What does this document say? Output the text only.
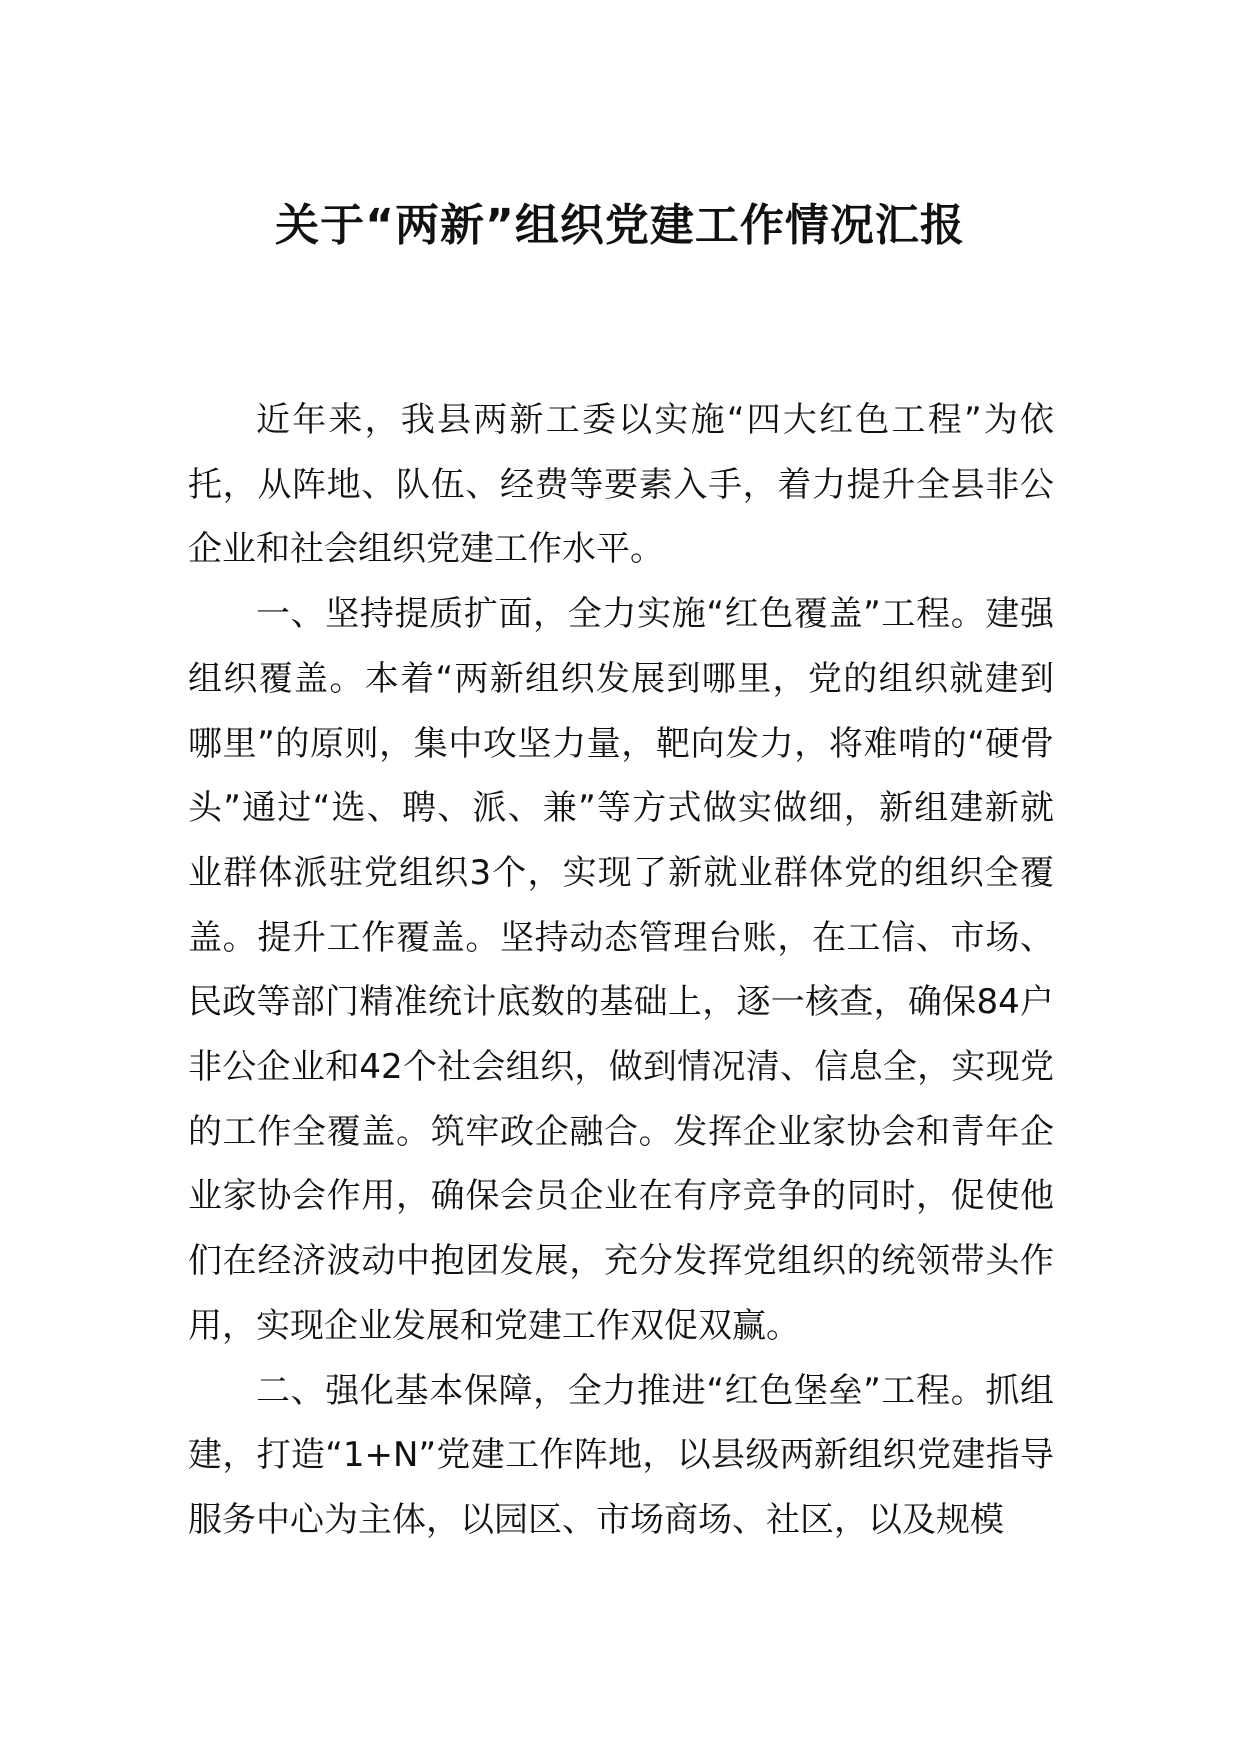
关于“两新”组织党建工作情况汇报

近年来，我县两新工委以实施“四大红色工程”为依托，从阵地、队伍、经费等要素入手，着力提升全县非公企业和社会组织党建工作水平。

一、坚持提质扩面，全力实施“红色覆盖”工程。建强组织覆盖。本着“两新组织发展到哪里，党的组织就建到哪里”的原则，集中攻坚力量，靶向发力，将难啃的“硬骨头”通过“选、聘、派、兼”等方式做实做细，新组建新就业群体派驻党组织3个，实现了新就业群体党的组织全覆盖。提升工作覆盖。坚持动态管理台账，在工信、市场、民政等部门精准统计底数的基础上，逐一核查，确保84户非公企业和42个社会组织，做到情况清、信息全，实现党的工作全覆盖。筑牢政企融合。发挥企业家协会和青年企业家协会作用，确保会员企业在有序竞争的同时，促使他们在经济波动中抱团发展，充分发挥党组织的统领带头作用，实现企业发展和党建工作双促双赢。

二、强化基本保障，全力推进“红色堡垒”工程。抓组建，打造“1+N”党建工作阵地，以县级两新组织党建指导服务中心为主体，以园区、市场商场、社区，以及规模
